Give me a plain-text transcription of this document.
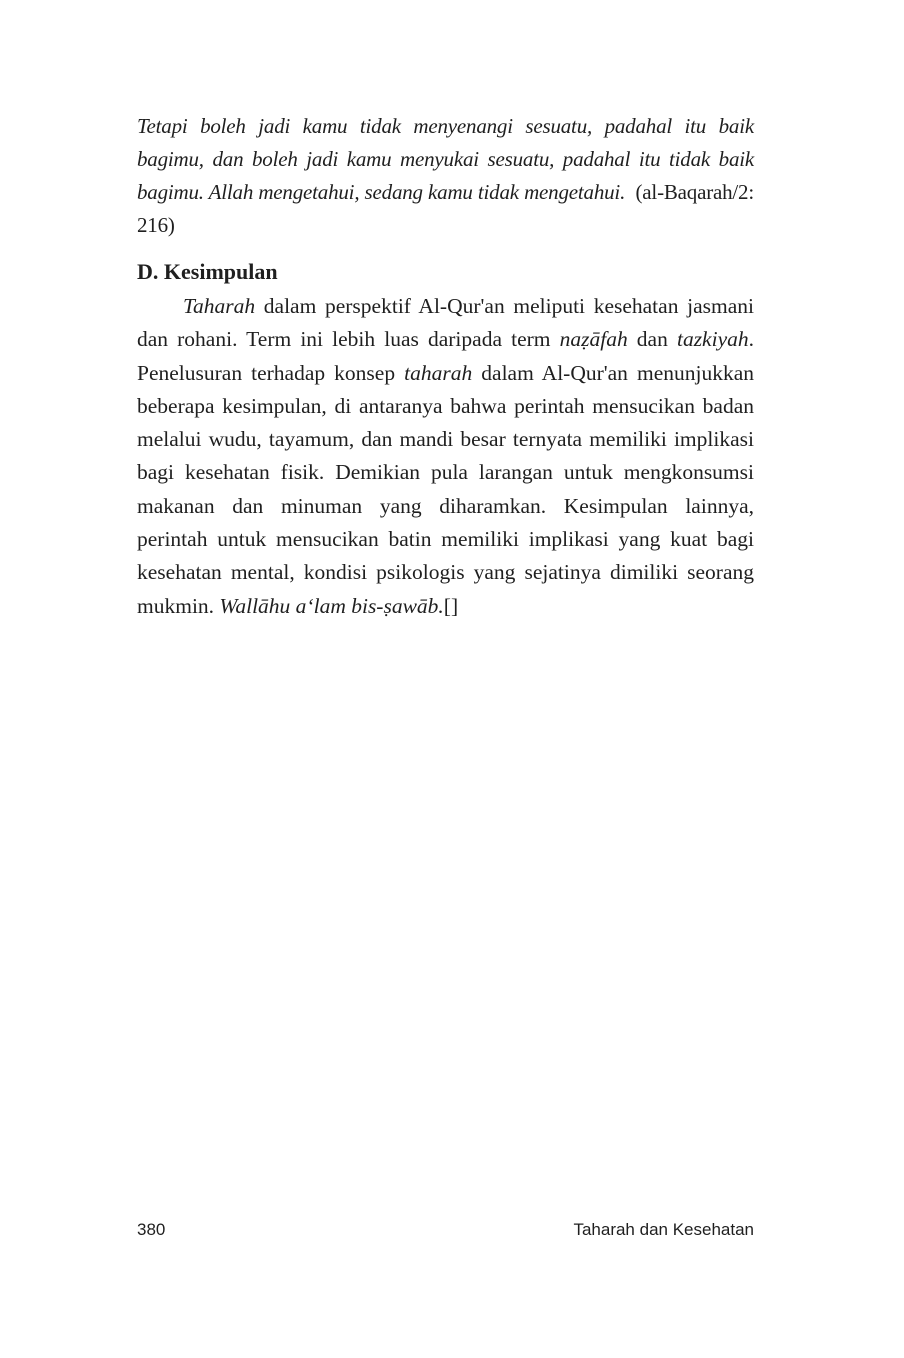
Tetapi boleh jadi kamu tidak menyenangi sesuatu, padahal itu baik bagimu, dan boleh jadi kamu menyukai sesuatu, padahal itu tidak baik bagimu. Allah mengetahui, sedang kamu tidak mengetahui. (al-Baqarah/2: 216)

D. Kesimpulan

Taharah dalam perspektif Al-Qur'an meliputi kesehatan jasmani dan rohani. Term ini lebih luas daripada term naẓāfah dan tazkiyah. Penelusuran terhadap konsep taharah dalam Al-Qur'an menunjukkan beberapa kesimpulan, di antaranya bahwa perintah mensucikan badan melalui wudu, tayamum, dan mandi besar ternyata memiliki implikasi bagi kesehatan fisik. Demikian pula larangan untuk mengkonsumsi makanan dan minuman yang diharamkan. Kesimpulan lainnya, perintah untuk mensucikan batin memiliki implikasi yang kuat bagi kesehatan mental, kondisi psikologis yang sejatinya dimiliki seorang mukmin. Wallāhu a‘lam bis-ṣawāb.[]

380	Taharah dan Kesehatan
